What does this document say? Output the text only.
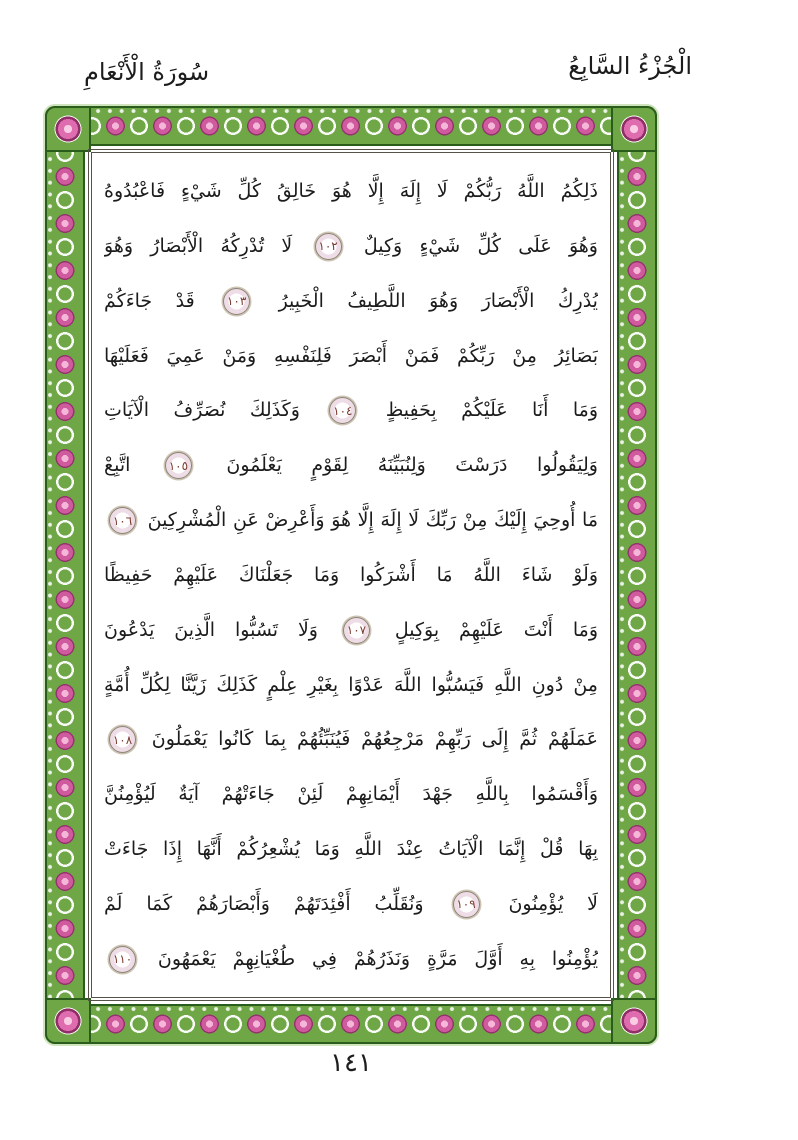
الْجُزْءُ السَّابِعُ
سُورَةُ الْأَنْعَامِ
ذَلِكُمُ اللَّهُ رَبُّكُمْ لَا إِلَهَ إِلَّا هُوَ خَالِقُ كُلِّ شَيْءٍ فَاعْبُدُوهُ
وَهُوَ عَلَى كُلِّ شَيْءٍ وَكِيلٌ ١٠٢ لَا تُدْرِكُهُ الْأَبْصَارُ وَهُوَ
يُدْرِكُ الْأَبْصَارَ وَهُوَ اللَّطِيفُ الْخَبِيرُ ١٠٣ قَدْ جَاءَكُمْ
بَصَائِرُ مِنْ رَبِّكُمْ فَمَنْ أَبْصَرَ فَلِنَفْسِهِ وَمَنْ عَمِيَ فَعَلَيْهَا
وَمَا أَنَا عَلَيْكُمْ بِحَفِيظٍ ١٠٤ وَكَذَلِكَ نُصَرِّفُ الْآيَاتِ
وَلِيَقُولُوا دَرَسْتَ وَلِنُبَيِّنَهُ لِقَوْمٍ يَعْلَمُونَ ١٠٥ اتَّبِعْ
مَا أُوحِيَ إِلَيْكَ مِنْ رَبِّكَ لَا إِلَهَ إِلَّا هُوَ وَأَعْرِضْ عَنِ الْمُشْرِكِينَ ١٠٦
وَلَوْ شَاءَ اللَّهُ مَا أَشْرَكُوا وَمَا جَعَلْنَاكَ عَلَيْهِمْ حَفِيظًا
وَمَا أَنْتَ عَلَيْهِمْ بِوَكِيلٍ ١٠٧ وَلَا تَسُبُّوا الَّذِينَ يَدْعُونَ
مِنْ دُونِ اللَّهِ فَيَسُبُّوا اللَّهَ عَدْوًا بِغَيْرِ عِلْمٍ كَذَلِكَ زَيَّنَّا لِكُلِّ أُمَّةٍ
عَمَلَهُمْ ثُمَّ إِلَى رَبِّهِمْ مَرْجِعُهُمْ فَيُنَبِّئُهُمْ بِمَا كَانُوا يَعْمَلُونَ ١٠٨
وَأَقْسَمُوا بِاللَّهِ جَهْدَ أَيْمَانِهِمْ لَئِنْ جَاءَتْهُمْ آيَةٌ لَيُؤْمِنُنَّ
بِهَا قُلْ إِنَّمَا الْآيَاتُ عِنْدَ اللَّهِ وَمَا يُشْعِرُكُمْ أَنَّهَا إِذَا جَاءَتْ
لَا يُؤْمِنُونَ ١٠٩ وَنُقَلِّبُ أَفْئِدَتَهُمْ وَأَبْصَارَهُمْ كَمَا لَمْ
يُؤْمِنُوا بِهِ أَوَّلَ مَرَّةٍ وَنَذَرُهُمْ فِي طُغْيَانِهِمْ يَعْمَهُونَ ١١٠
١٤١
